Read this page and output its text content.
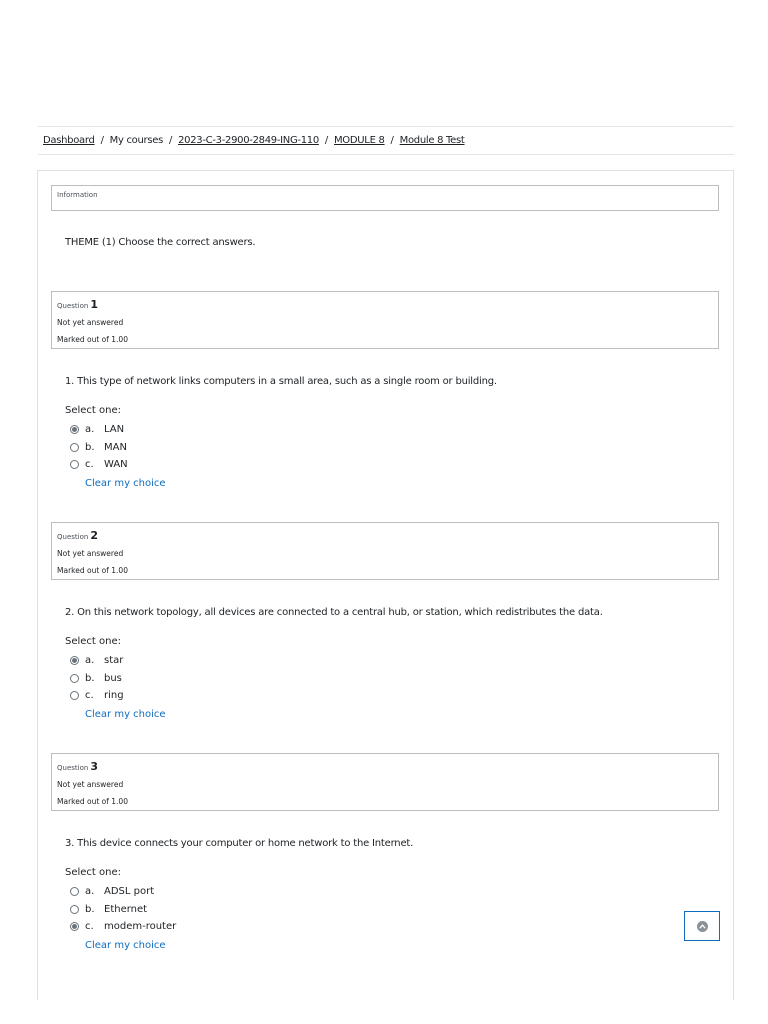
Dashboard / My courses / 2023-C-3-2900-2849-ING-110 / MODULE 8 / Module 8 Test
Information
THEME (1) Choose the correct answers.
Question 1
Not yet answered
Marked out of 1.00
1. This type of network links computers in a small area, such as a single room or building.
Select one:
a. LAN
b. MAN
c.	WAN
Clear my choice
Question 2
Not yet answered
Marked out of 1.00
2. On this network topology, all devices are connected to a central hub, or station, which redistributes the data.
Select one:
a. star
b. bus
c.	ring
Clear my choice
Question 3
Not yet answered
Marked out of 1.00
3. This device connects your computer or home network to the Internet.
Select one:
a. ADSL port
b. Ethernet
c.	modem-router
Clear my choice
